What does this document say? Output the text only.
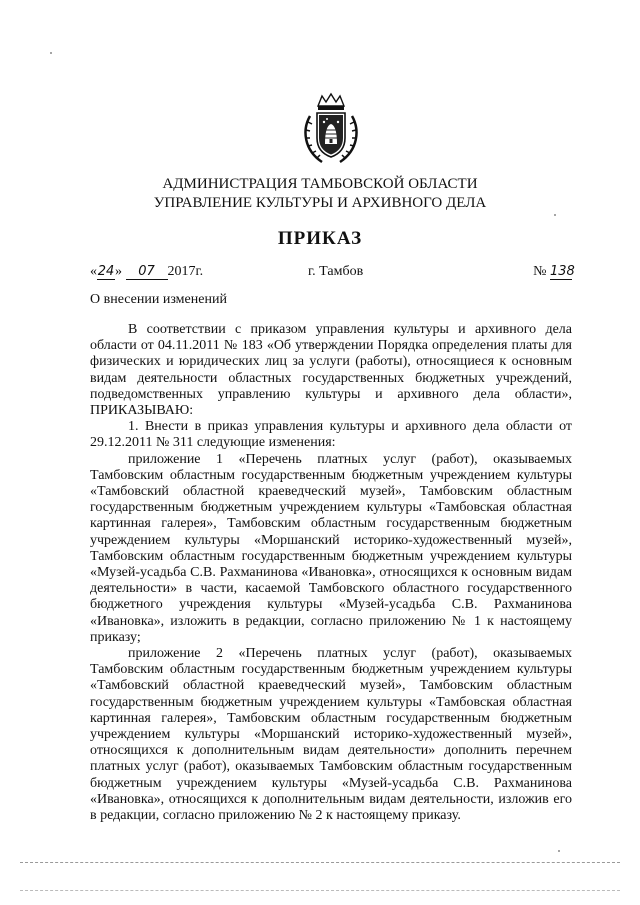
АДМИНИСТРАЦИЯ ТАМБОВСКОЙ ОБЛАСТИ
УПРАВЛЕНИЕ КУЛЬТУРЫ И АРХИВНОГО ДЕЛА
ПРИКАЗ
«24» 07 2017г.	г. Тамбов	№ 138
О внесении изменений

В соответствии с приказом управления культуры и архивного дела области от 04.11.2011 № 183 «Об утверждении Порядка определения платы для физических и юридических лиц за услуги (работы), относящиеся к основным видам деятельности областных государственных бюджетных учреждений, подведомственных управлению культуры и архивного дела области», ПРИКАЗЫВАЮ:

1. Внести в приказ управления культуры и архивного дела области от 29.12.2011 № 311 следующие изменения:

приложение 1 «Перечень платных услуг (работ), оказываемых Тамбовским областным государственным бюджетным учреждением культуры «Тамбовский областной краеведческий музей», Тамбовским областным государственным бюджетным учреждением культуры «Тамбовская областная картинная галерея», Тамбовским областным государственным бюджетным учреждением культуры «Моршанский историко-художественный музей», Тамбовским областным государственным бюджетным учреждением культуры «Музей-усадьба С.В. Рахманинова «Ивановка», относящихся к основным видам деятельности» в части, касаемой Тамбовского областного государственного бюджетного учреждения культуры «Музей-усадьба С.В. Рахманинова «Ивановка», изложить в редакции, согласно приложению № 1 к настоящему приказу;

приложение 2 «Перечень платных услуг (работ), оказываемых Тамбовским областным государственным бюджетным учреждением культуры «Тамбовский областной краеведческий музей», Тамбовским областным государственным бюджетным учреждением культуры «Тамбовская областная картинная галерея», Тамбовским областным государственным бюджетным учреждением культуры «Моршанский историко-художественный музей», относящихся к дополнительным видам деятельности» дополнить перечнем платных услуг (работ), оказываемых Тамбовским областным государственным бюджетным учреждением культуры «Музей-усадьба С.В. Рахманинова «Ивановка», относящихся к дополнительным видам деятельности, изложив его в редакции, согласно приложению № 2 к настоящему приказу.
